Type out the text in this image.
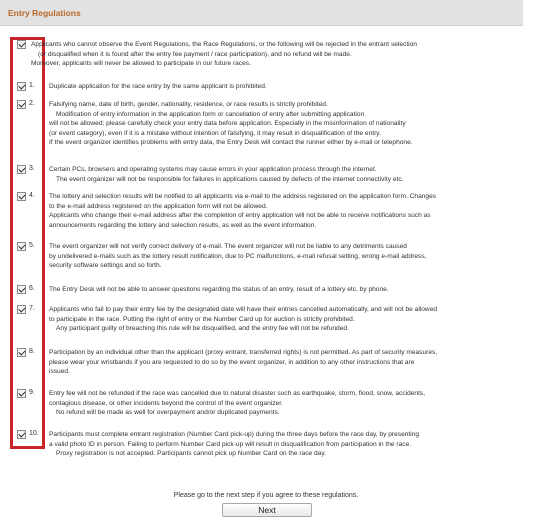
Entry Regulations
Applicants who cannot observe the Event Regulations, the Race Regulations, or the following will be rejected in the entrant selection
(or disqualified when it is found after the entry fee payment / race participation), and no refund will be made.
Moreover, applicants will never be allowed to participate in our future races.
1. Duplicate application for the race entry by the same applicant is prohibited.
2. Falsifying name, date of birth, gender, nationality, residence, or race results is strictly prohibited.
Modification of entry information in the application form or cancellation of entry after submitting application
will not be allowed; please carefully check your entry data before application. Especially in the misinformation of nationality
(or event category), even if it is a mistake without intention of falsifying, it may result in disqualification of the entry.
If the event organizer identifies problems with entry data, the Entry Desk will contact the runner either by e-mail or telephone.
3. Certain PCs, browsers and operating systems may cause errors in your application process through the internet.
The event organizer will not be responsible for failures in applications caused by defects of the internet connectivity etc.
4. The lottery and selection results will be notified to all applicants via e-mail to the address registered on the application form. Changes
to the e-mail address registered on the application form will not be allowed.
Applicants who change their e-mail address after the completion of entry application will not be able to receive notifications such as
announcements regarding the lottery and selection results, as well as the event information.
5. The event organizer will not verify correct delivery of e-mail. The event organizer will not be liable to any detriments caused
by undelivered e-mails such as the lottery result notification, due to PC malfunctions, e-mail refusal setting, wrong e-mail address,
security software settings and so forth.
6. The Entry Desk will not be able to answer questions regarding the status of an entry, result of a lottery etc. by phone.
7. Applicants who fail to pay their entry fee by the designated date will have their entries cancelled automatically, and will not be allowed
to participate in the race. Putting the right of entry or the Number Card up for auction is strictly prohibited.
Any participant guilty of breaching this rule will be disqualified, and the entry fee will not be refunded.
8. Participation by an individual other than the applicant (proxy entrant, transferred rights) is not permitted. As part of security measures,
please wear your wristbands if you are requested to do so by the event organizer, in addition to any other instructions that are
issued.
9. Entry fee will not be refunded if the race was cancelled due to natural disaster such as earthquake, storm, flood, snow, accidents,
contagious disease, or other incidents beyond the control of the event organizer.
No refund will be made as well for overpayment and/or duplicated payments.
10. Participants must complete entrant registration (Number Card pick-up) during the three days before the race day, by presenting
a valid photo ID in person. Failing to perform Number Card pick-up will result in disqualification from participation in the race.
Proxy registration is not accepted. Participants cannot pick up Number Card on the race day.
Please go to the next step if you agree to these regulations.
Next
